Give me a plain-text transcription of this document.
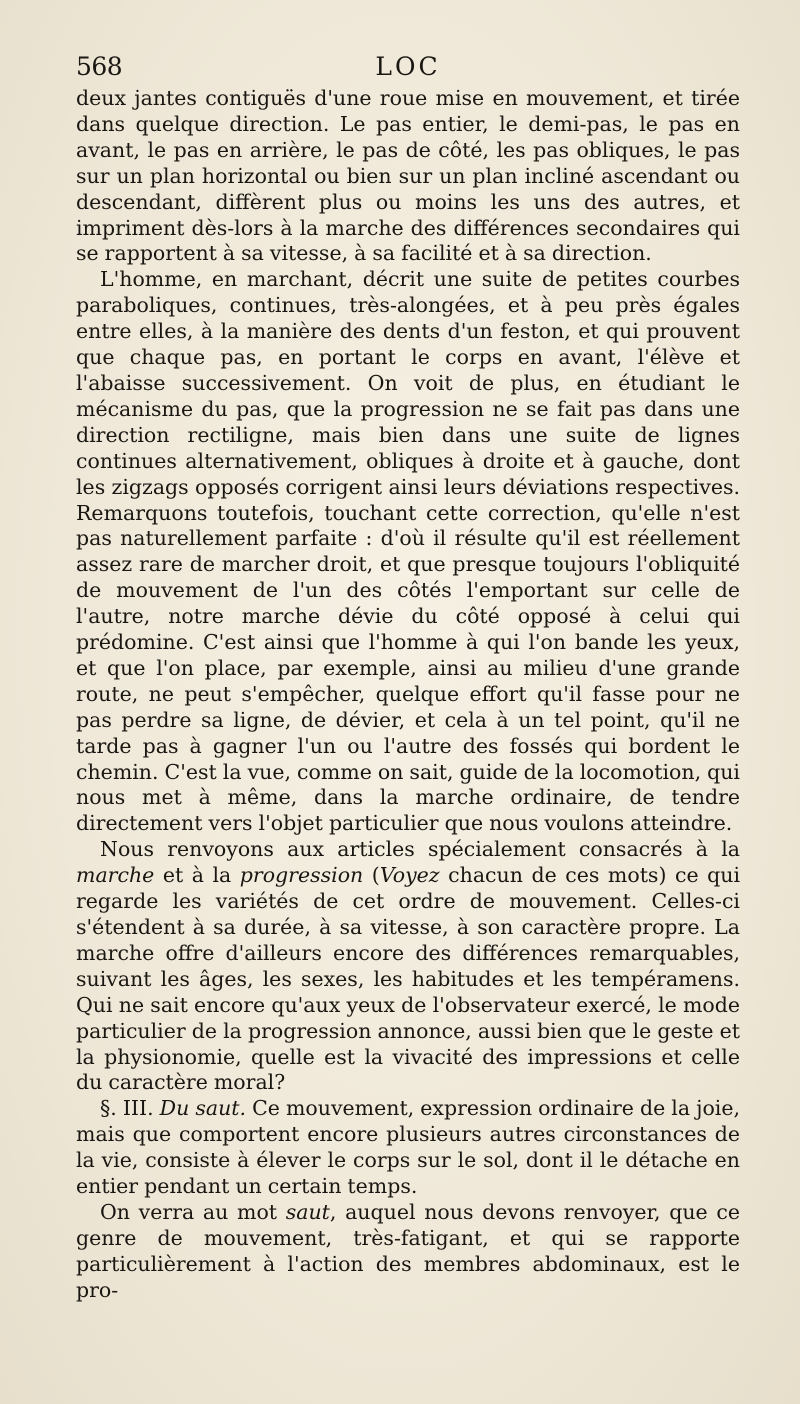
568	LOC

deux jantes contiguës d'une roue mise en mouvement, et tirée dans quelque direction. Le pas entier, le demi-pas, le pas en avant, le pas en arrière, le pas de côté, les pas obliques, le pas sur un plan horizontal ou bien sur un plan incliné ascendant ou descendant, diffèrent plus ou moins les uns des autres, et impriment dès-lors à la marche des différences secondaires qui se rapportent à sa vitesse, à sa facilité et à sa direction.

L'homme, en marchant, décrit une suite de petites courbes paraboliques, continues, très-alongées, et à peu près égales entre elles, à la manière des dents d'un feston, et qui prouvent que chaque pas, en portant le corps en avant, l'élève et l'abaisse successivement. On voit de plus, en étudiant le mécanisme du pas, que la progression ne se fait pas dans une direction rectiligne, mais bien dans une suite de lignes continues alternativement, obliques à droite et à gauche, dont les zigzags opposés corrigent ainsi leurs déviations respectives. Remarquons toutefois, touchant cette correction, qu'elle n'est pas naturellement parfaite : d'où il résulte qu'il est réellement assez rare de marcher droit, et que presque toujours l'obliquité de mouvement de l'un des côtés l'emportant sur celle de l'autre, notre marche dévie du côté opposé à celui qui prédomine. C'est ainsi que l'homme à qui l'on bande les yeux, et que l'on place, par exemple, ainsi au milieu d'une grande route, ne peut s'empêcher, quelque effort qu'il fasse pour ne pas perdre sa ligne, de dévier, et cela à un tel point, qu'il ne tarde pas à gagner l'un ou l'autre des fossés qui bordent le chemin. C'est la vue, comme on sait, guide de la locomotion, qui nous met à même, dans la marche ordinaire, de tendre directement vers l'objet particulier que nous voulons atteindre.

Nous renvoyons aux articles spécialement consacrés à la marche et à la progression (Voyez chacun de ces mots) ce qui regarde les variétés de cet ordre de mouvement. Celles-ci s'étendent à sa durée, à sa vitesse, à son caractère propre. La marche offre d'ailleurs encore des différences remarquables, suivant les âges, les sexes, les habitudes et les tempéramens. Qui ne sait encore qu'aux yeux de l'observateur exercé, le mode particulier de la progression annonce, aussi bien que le geste et la physionomie, quelle est la vivacité des impressions et celle du caractère moral?

§. III. Du saut. Ce mouvement, expression ordinaire de la joie, mais que comportent encore plusieurs autres circonstances de la vie, consiste à élever le corps sur le sol, dont il le détache en entier pendant un certain temps.

On verra au mot saut, auquel nous devons renvoyer, que ce genre de mouvement, très-fatigant, et qui se rapporte particulièrement à l'action des membres abdominaux, est le pro-
